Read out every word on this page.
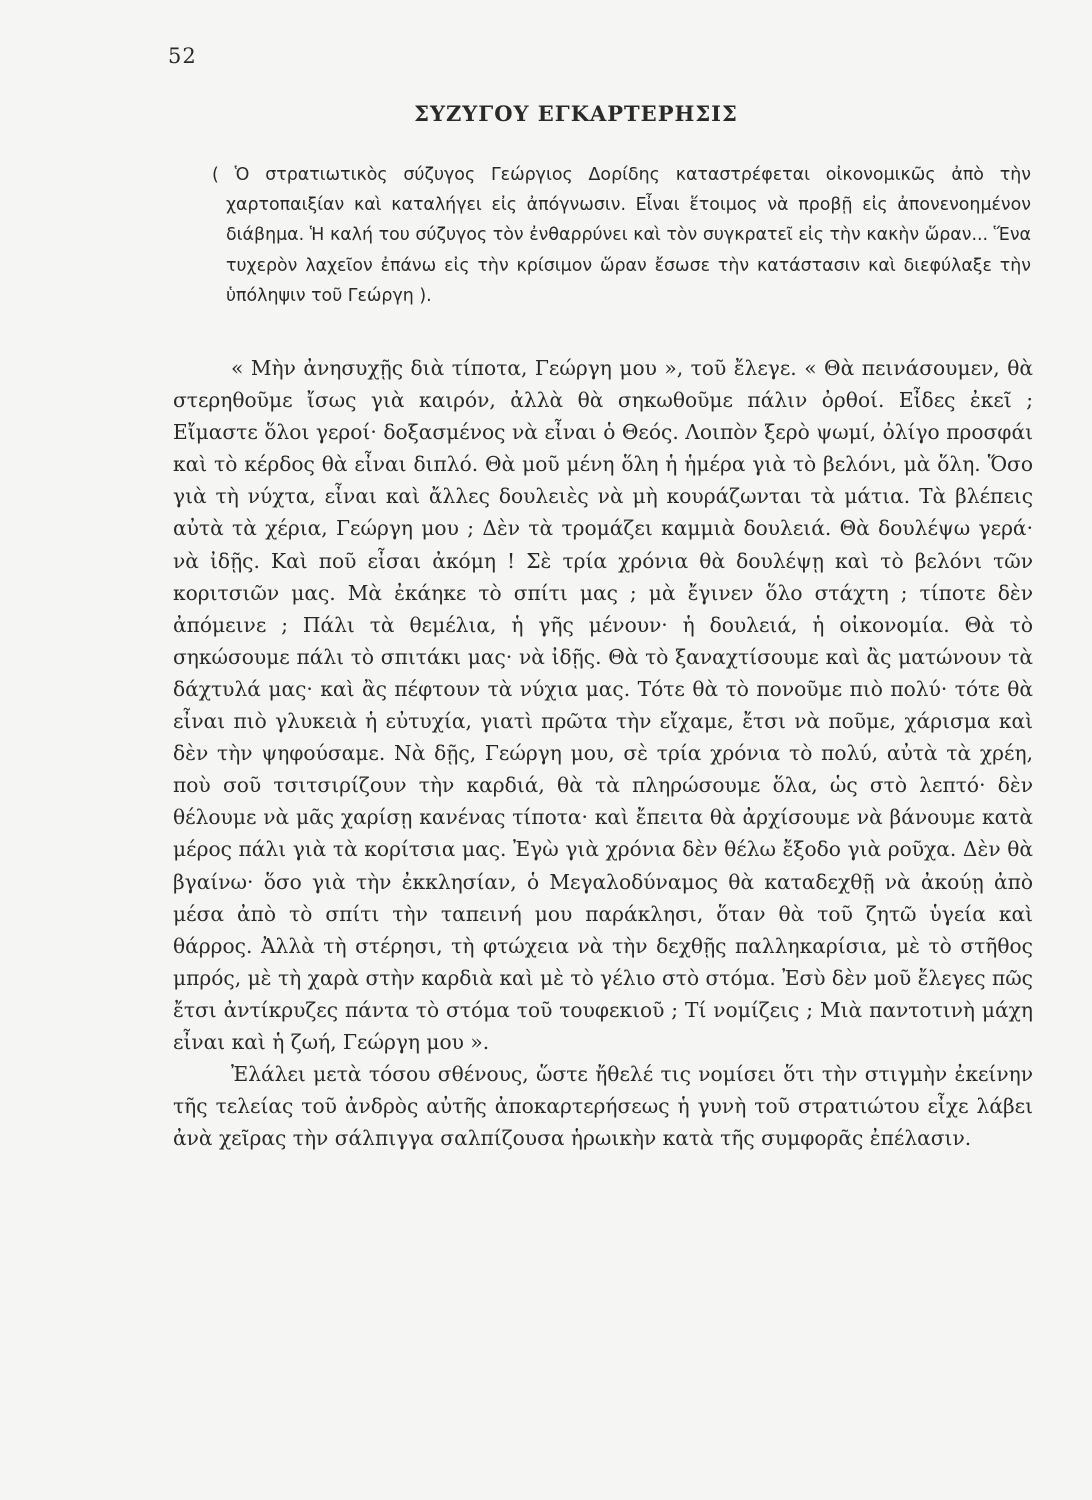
52
ΣΥΖΥΓΟΥ ΕΓΚΑΡΤΕΡΗΣΙΣ
( Ὁ στρατιωτικὸς σύζυγος Γεώργιος Δορίδης καταστρέφεται οἰκονομικῶς ἀπὸ τὴν χαρτοπαιξίαν καὶ καταλήγει εἰς ἀπόγνωσιν. Εἶναι ἕτοιμος νὰ προβῇ εἰς ἀπονενοημένον διάβημα. Ἡ καλή του σύζυγος τὸν ἐνθαρρύνει καὶ τὸν συγκρατεῖ εἰς τὴν κακὴν ὥραν... Ἕνα τυχερὸν λαχεῖον ἐπάνω εἰς τὴν κρίσιμον ὥραν ἔσωσε τὴν κατάστασιν καὶ διεφύλαξε τὴν ὑπόληψιν τοῦ Γεώργη ).

« Μὴν ἀνησυχῇς διὰ τίποτα, Γεώργη μου », τοῦ ἔλεγε. « Θὰ πεινάσουμεν, θὰ στερηθοῦμε ἴσως γιὰ καιρόν, ἀλλὰ θὰ σηκωθοῦμε πάλιν ὀρθοί. Εἶδες ἐκεῖ ; Εἴμαστε ὅλοι γεροί· δοξασμένος νὰ εἶναι ὁ Θεός. Λοιπὸν ξερὸ ψωμί, ὀλίγο προσφάι καὶ τὸ κέρδος θὰ εἶναι διπλό. Θὰ μοῦ μένη ὅλη ἡ ἡμέρα γιὰ τὸ βελόνι, μὰ ὅλη. Ὅσο γιὰ τὴ νύχτα, εἶναι καὶ ἄλλες δουλειὲς νὰ μὴ κουράζωνται τὰ μάτια. Τὰ βλέπεις αὐτὰ τὰ χέρια, Γεώργη μου ; Δὲν τὰ τρομάζει καμμιὰ δουλειά. Θὰ δουλέψω γερά· νὰ ἰδῇς. Καὶ ποῦ εἶσαι ἀκόμη ! Σὲ τρία χρόνια θὰ δουλέψῃ καὶ τὸ βελόνι τῶν κοριτσιῶν μας. Μὰ ἐκάηκε τὸ σπίτι μας ; μὰ ἔγινεν ὅλο στάχτη ; τίποτε δὲν ἀπόμεινε ; Πάλι τὰ θεμέλια, ἡ γῆς μένουν· ἡ δουλειά, ἡ οἰκονομία. Θὰ τὸ σηκώσουμε πάλι τὸ σπιτάκι μας· νὰ ἰδῇς. Θὰ τὸ ξαναχτίσουμε καὶ ἂς ματώνουν τὰ δάχτυλά μας· καὶ ἂς πέφτουν τὰ νύχια μας. Τότε θὰ τὸ πονοῦμε πιὸ πολύ· τότε θὰ εἶναι πιὸ γλυκειὰ ἡ εὐτυχία, γιατὶ πρῶτα τὴν εἴχαμε, ἔτσι νὰ ποῦμε, χάρισμα καὶ δὲν τὴν ψηφούσαμε. Νὰ δῇς, Γεώργη μου, σὲ τρία χρόνια τὸ πολύ, αὐτὰ τὰ χρέη, ποὺ σοῦ τσιτσιρίζουν τὴν καρδιά, θὰ τὰ πληρώσουμε ὅλα, ὡς στὸ λεπτό· δὲν θέλουμε νὰ μᾶς χαρίσῃ κανένας τίποτα· καὶ ἔπειτα θὰ ἀρχίσουμε νὰ βάνουμε κατὰ μέρος πάλι γιὰ τὰ κορίτσια μας. Ἐγὼ γιὰ χρόνια δὲν θέλω ἔξοδο γιὰ ροῦχα. Δὲν θὰ βγαίνω· ὅσο γιὰ τὴν ἐκκλησίαν, ὁ Μεγαλοδύναμος θὰ καταδεχθῇ νὰ ἀκούῃ ἀπὸ μέσα ἀπὸ τὸ σπίτι τὴν ταπεινή μου παράκλησι, ὅταν θὰ τοῦ ζητῶ ὑγεία καὶ θάρρος. Ἀλλὰ τὴ στέρησι, τὴ φτώχεια νὰ τὴν δεχθῇς παλληκαρίσια, μὲ τὸ στῆθος μπρός, μὲ τὴ χαρὰ στὴν καρδιὰ καὶ μὲ τὸ γέλιο στὸ στόμα. Ἐσὺ δὲν μοῦ ἔλεγες πῶς ἔτσι ἀντίκρυζες πάντα τὸ στόμα τοῦ τουφεκιοῦ ; Τί νομίζεις ; Μιὰ παντοτινὴ μάχη εἶναι καὶ ἡ ζωή, Γεώργη μου ».

Ἐλάλει μετὰ τόσου σθένους, ὥστε ἤθελέ τις νομίσει ὅτι τὴν στιγμὴν ἐκείνην τῆς τελείας τοῦ ἀνδρὸς αὐτῆς ἀποκαρτερήσεως ἡ γυνὴ τοῦ στρατιώτου εἶχε λάβει ἀνὰ χεῖρας τὴν σάλπιγγα σαλπίζουσα ἡρωικὴν κατὰ τῆς συμφορᾶς ἐπέλασιν.
